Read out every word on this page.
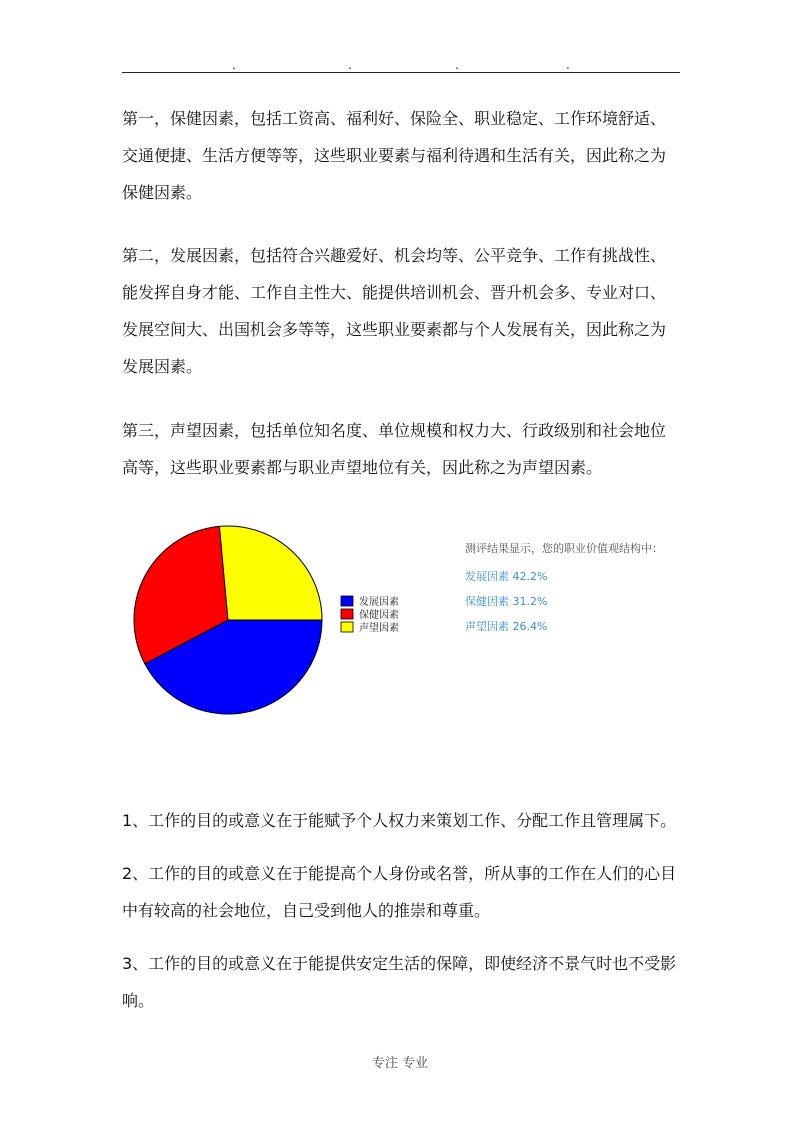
.	.	.	.

第一，保健因素，包括工资高、福利好、保险全、职业稳定、工作环境舒适、交通便捷、生活方便等等，这些职业要素与福利待遇和生活有关，因此称之为保健因素。

第二，发展因素，包括符合兴趣爱好、机会均等、公平竞争、工作有挑战性、能发挥自身才能、工作自主性大、能提供培训机会、晋升机会多、专业对口、发展空间大、出国机会多等等，这些职业要素都与个人发展有关，因此称之为发展因素。

第三，声望因素，包括单位知名度、单位规模和权力大、行政级别和社会地位高等，这些职业要素都与职业声望地位有关，因此称之为声望因素。

发展因素
保健因素
声望因素
测评结果显示，您的职业价值观结构中：
发展因素 42.2%
保健因素 31.2%
声望因素 26.4%

1、工作的目的或意义在于能赋予个人权力来策划工作、分配工作且管理属下。

2、工作的目的或意义在于能提高个人身份或名誉，所从事的工作在人们的心目中有较高的社会地位，自己受到他人的推崇和尊重。

3、工作的目的或意义在于能提供安定生活的保障，即使经济不景气时也不受影响。

专注 专业
